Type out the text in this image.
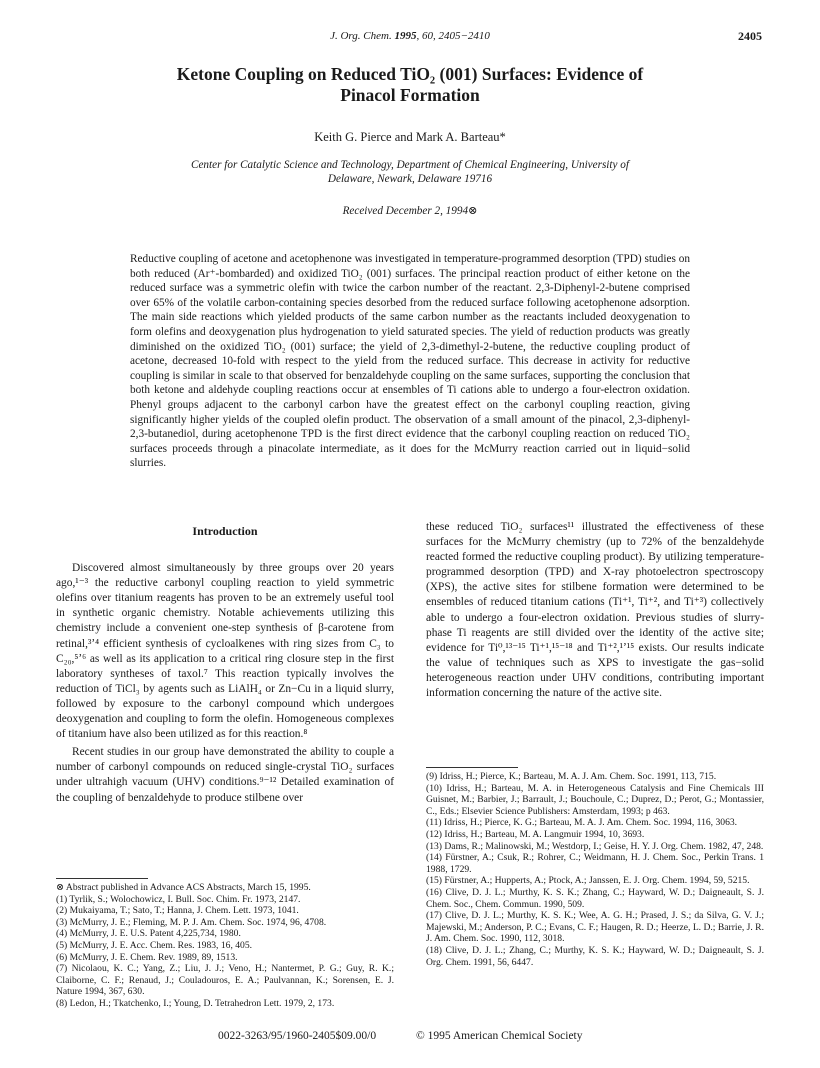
J. Org. Chem. 1995, 60, 2405−2410	2405
Ketone Coupling on Reduced TiO₂ (001) Surfaces: Evidence of
Pinacol Formation
Keith G. Pierce and Mark A. Barteau*
Center for Catalytic Science and Technology, Department of Chemical Engineering, University of
Delaware, Newark, Delaware 19716
Received December 2, 1994⊗

Reductive coupling of acetone and acetophenone was investigated in temperature-programmed desorption (TPD) studies on both reduced (Ar⁺-bombarded) and oxidized TiO₂ (001) surfaces. The principal reaction product of either ketone on the reduced surface was a symmetric olefin with twice the carbon number of the reactant. 2,3-Diphenyl-2-butene comprised over 65% of the volatile carbon-containing species desorbed from the reduced surface following acetophenone adsorption. The main side reactions which yielded products of the same carbon number as the reactants included deoxygenation to form olefins and deoxygenation plus hydrogenation to yield saturated species. The yield of reduction products was greatly diminished on the oxidized TiO₂ (001) surface; the yield of 2,3-dimethyl-2-butene, the reductive coupling product of acetone, decreased 10-fold with respect to the yield from the reduced surface. This decrease in activity for reductive coupling is similar in scale to that observed for benzaldehyde coupling on the same surfaces, supporting the conclusion that both ketone and aldehyde coupling reactions occur at ensembles of Ti cations able to undergo a four-electron oxidation. Phenyl groups adjacent to the carbonyl carbon have the greatest effect on the carbonyl coupling reaction, giving significantly higher yields of the coupled olefin product. The observation of a small amount of the pinacol, 2,3-diphenyl-2,3-butanediol, during acetophenone TPD is the first direct evidence that the carbonyl coupling reaction on reduced TiO₂ surfaces proceeds through a pinacolate intermediate, as it does for the McMurry reaction carried out in liquid−solid slurries.

Introduction

Discovered almost simultaneously by three groups over 20 years ago,¹⁻³ the reductive carbonyl coupling reaction to yield symmetric olefins over titanium reagents has proven to be an extremely useful tool in synthetic organic chemistry. Notable achievements utilizing this chemistry include a convenient one-step synthesis of β-carotene from retinal,³ʼ⁴ efficient synthesis of cycloalkenes with ring sizes from C₃ to C₂₀,⁵ʼ⁶ as well as its application to a critical ring closure step in the first laboratory syntheses of taxol.⁷ This reaction typically involves the reduction of TiCl₃ by agents such as LiAlH₄ or Zn−Cu in a liquid slurry, followed by exposure to the carbonyl compound which undergoes deoxygenation and coupling to form the olefin. Homogeneous complexes of titanium have also been utilized as for this reaction.⁸

Recent studies in our group have demonstrated the ability to couple a number of carbonyl compounds on reduced single-crystal TiO₂ surfaces under ultrahigh vacuum (UHV) conditions.⁹⁻¹² Detailed examination of the coupling of benzaldehyde to produce stilbene over

these reduced TiO₂ surfaces¹¹ illustrated the effectiveness of these surfaces for the McMurry chemistry (up to 72% of the benzaldehyde reacted formed the reductive coupling product). By utilizing temperature-programmed desorption (TPD) and X-ray photoelectron spectroscopy (XPS), the active sites for stilbene formation were determined to be ensembles of reduced titanium cations (Ti⁺¹, Ti⁺², and Ti⁺³) collectively able to undergo a four-electron oxidation. Previous studies of slurry-phase Ti reagents are still divided over the identity of the active site; evidence for Ti⁰,¹³⁻¹⁵ Ti⁺¹,¹⁵⁻¹⁸ and Ti⁺²,¹ʼ¹⁵ exists. Our results indicate the value of techniques such as XPS to investigate the gas−solid heterogeneous reaction under UHV conditions, contributing important information concerning the nature of the active site.

⊗ Abstract published in Advance ACS Abstracts, March 15, 1995.
(1) Tyrlik, S.; Wolochowicz, I. Bull. Soc. Chim. Fr. 1973, 2147.
(2) Mukaiyama, T.; Sato, T.; Hanna, J. Chem. Lett. 1973, 1041.
(3) McMurry, J. E.; Fleming, M. P. J. Am. Chem. Soc. 1974, 96, 4708.
(4) McMurry, J. E. U.S. Patent 4,225,734, 1980.
(5) McMurry, J. E. Acc. Chem. Res. 1983, 16, 405.
(6) McMurry, J. E. Chem. Rev. 1989, 89, 1513.
(7) Nicolaou, K. C.; Yang, Z.; Liu, J. J.; Veno, H.; Nantermet, P. G.; Guy, R. K.; Claiborne, C. F.; Renaud, J.; Couladouros, E. A.; Paulvannan, K.; Sorensen, E. J. Nature 1994, 367, 630.
(8) Ledon, H.; Tkatchenko, I.; Young, D. Tetrahedron Lett. 1979, 2, 173.
(9) Idriss, H.; Pierce, K.; Barteau, M. A. J. Am. Chem. Soc. 1991, 113, 715.
(10) Idriss, H.; Barteau, M. A. in Heterogeneous Catalysis and Fine Chemicals III Guisnet, M.; Barbier, J.; Barrault, J.; Bouchoule, C.; Duprez, D.; Perot, G.; Montassier, C., Eds.; Elsevier Science Publishers: Amsterdam, 1993; p 463.
(11) Idriss, H.; Pierce, K. G.; Barteau, M. A. J. Am. Chem. Soc. 1994, 116, 3063.
(12) Idriss, H.; Barteau, M. A. Langmuir 1994, 10, 3693.
(13) Dams, R.; Malinowski, M.; Westdorp, I.; Geise, H. Y. J. Org. Chem. 1982, 47, 248.
(14) Fürstner, A.; Csuk, R.; Rohrer, C.; Weidmann, H. J. Chem. Soc., Perkin Trans. 1 1988, 1729.
(15) Fürstner, A.; Hupperts, A.; Ptock, A.; Janssen, E. J. Org. Chem. 1994, 59, 5215.
(16) Clive, D. J. L.; Murthy, K. S. K.; Zhang, C.; Hayward, W. D.; Daigneault, S. J. Chem. Soc., Chem. Commun. 1990, 509.
(17) Clive, D. J. L.; Murthy, K. S. K.; Wee, A. G. H.; Prased, J. S.; da Silva, G. V. J.; Majewski, M.; Anderson, P. C.; Evans, C. F.; Haugen, R. D.; Heerze, L. D.; Barrie, J. R. J. Am. Chem. Soc. 1990, 112, 3018.
(18) Clive, D. J. L.; Zhang, C.; Murthy, K. S. K.; Hayward, W. D.; Daigneault, S. J. Org. Chem. 1991, 56, 6447.
0022-3263/95/1960-2405$09.00/0	© 1995 American Chemical Society
